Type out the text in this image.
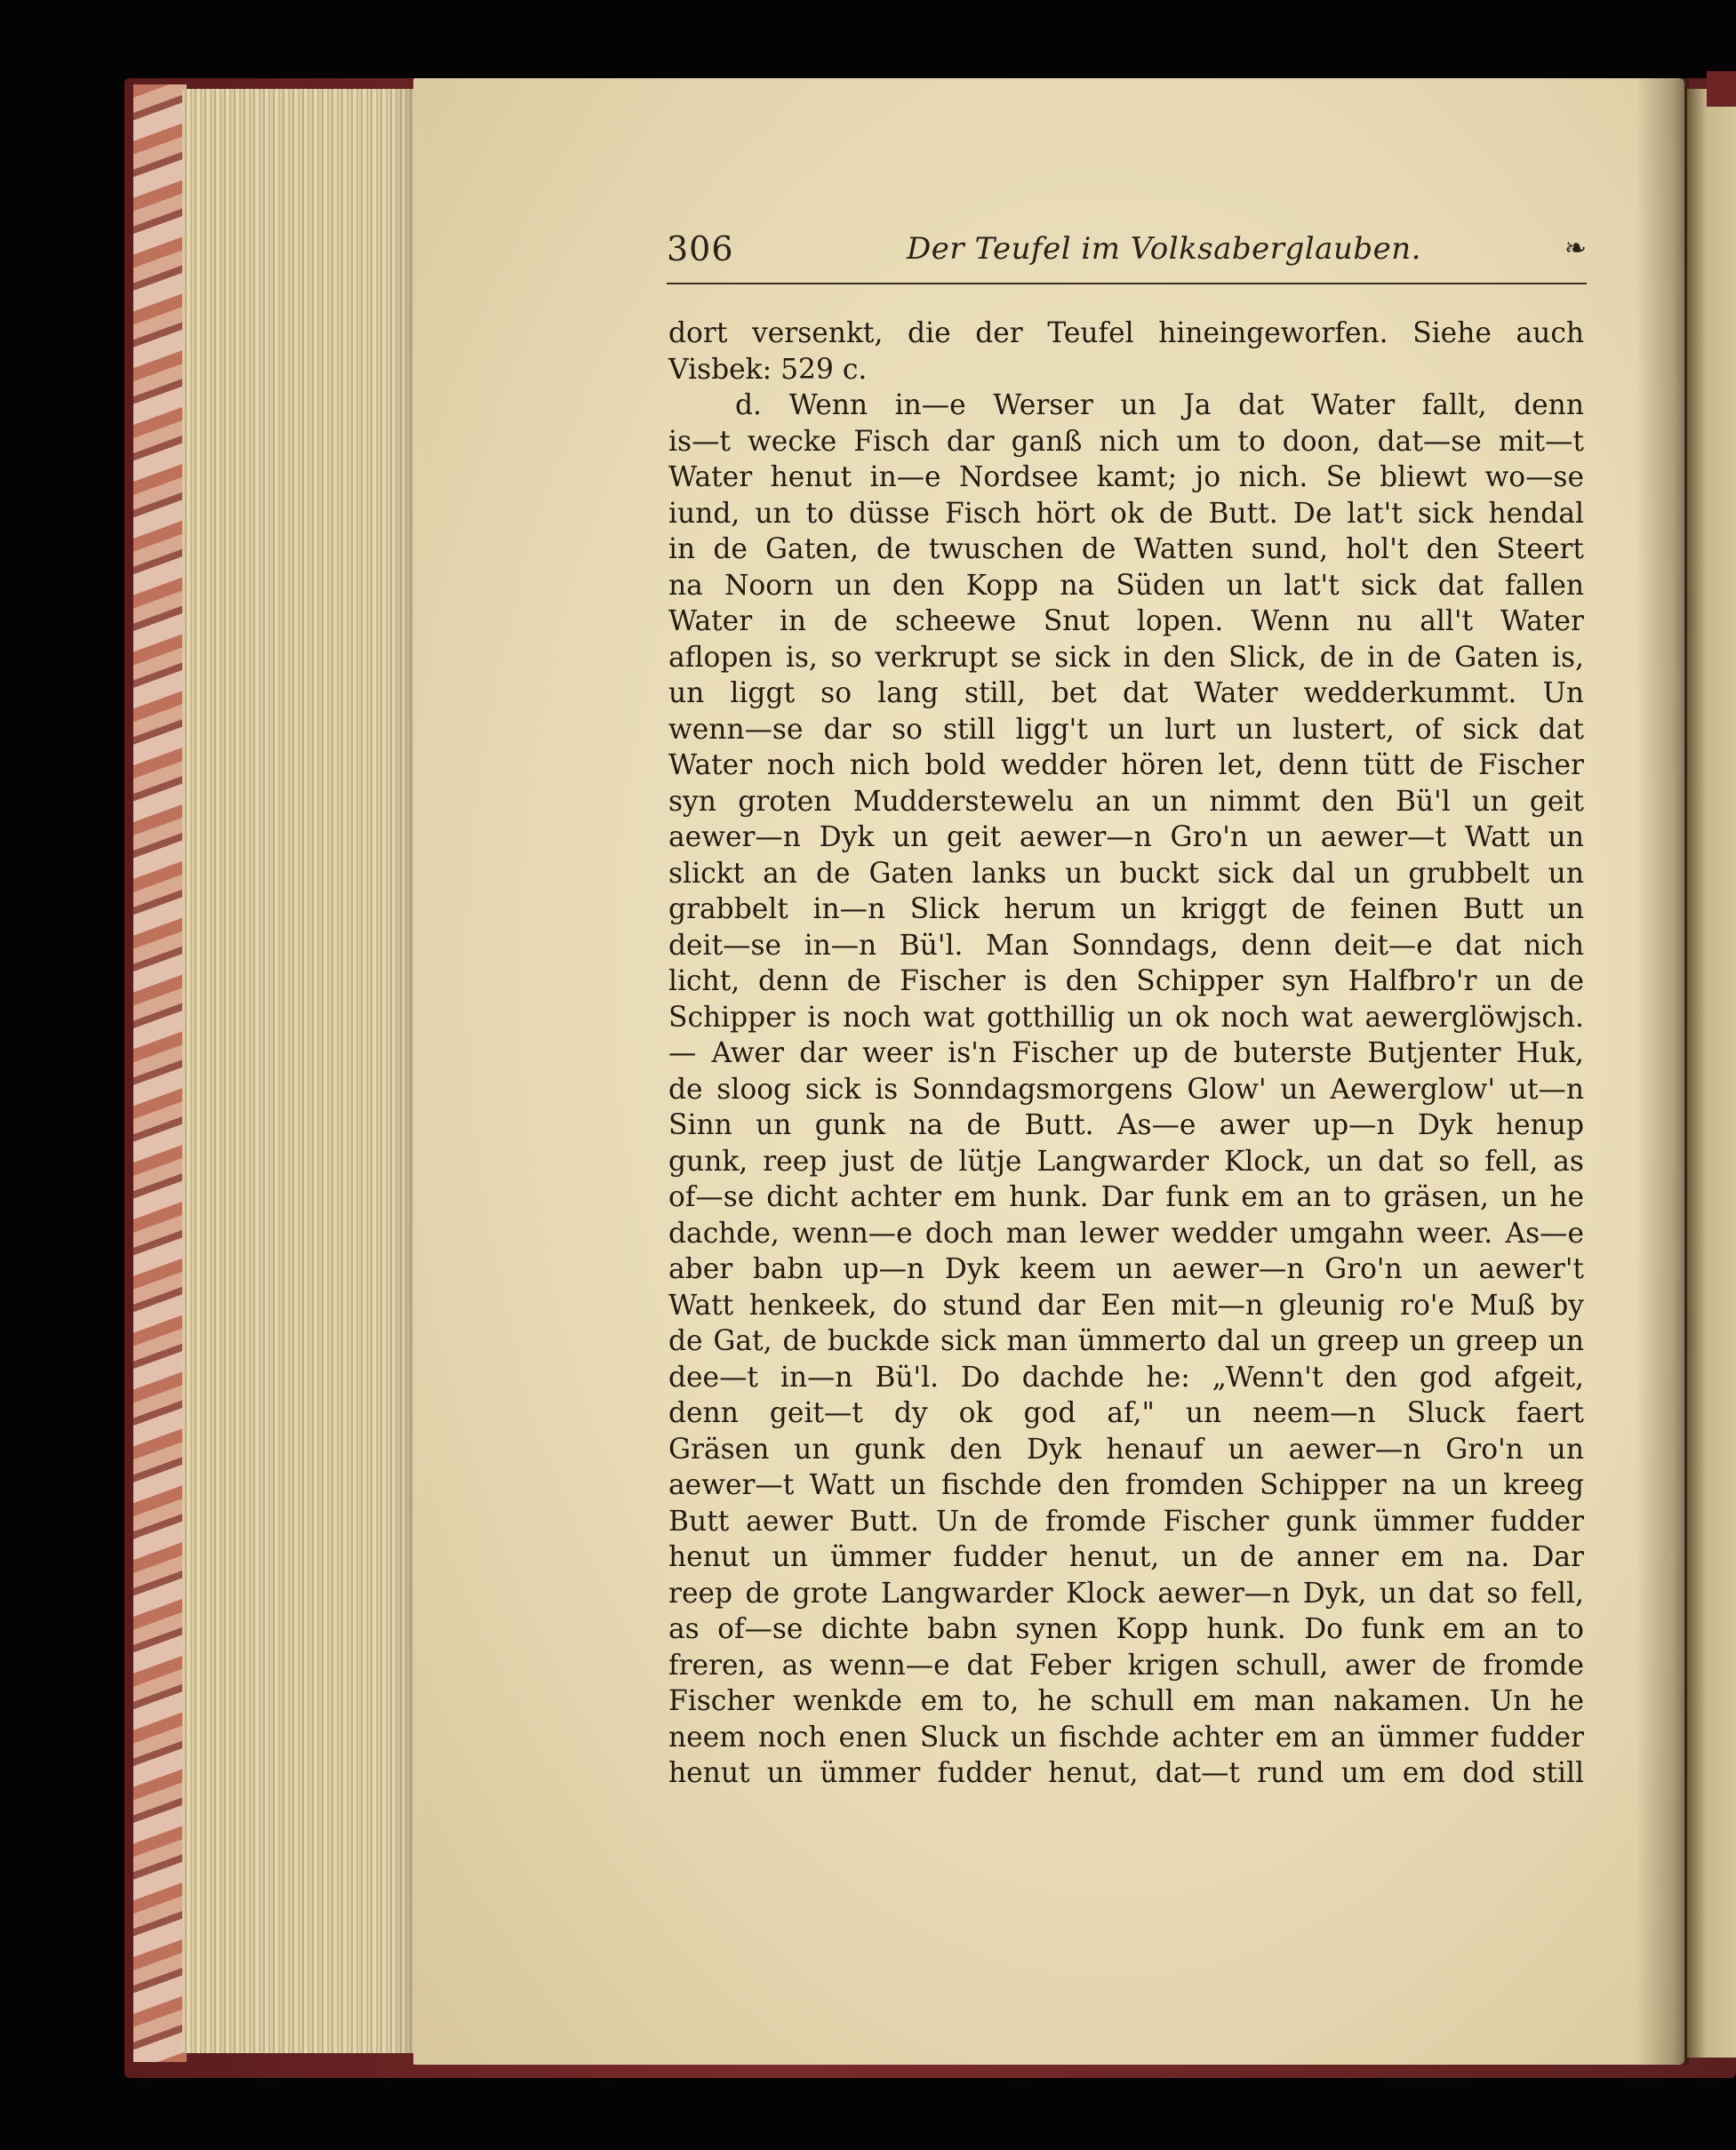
306	Der Teufel im Volksaberglauben.	❧
dort versenkt, die der Teufel hineingeworfen. Siehe auch
Visbek: 529 c.
d. Wenn in—e Werser un Ja dat Water fallt, denn
is—t wecke Fisch dar ganß nich um to doon, dat—se mit—t
Water henut in—e Nordsee kamt; jo nich. Se bliewt wo—se
iund, un to düsse Fisch hört ok de Butt. De lat't sick hendal
in de Gaten, de twuschen de Watten sund, hol't den Steert
na Noorn un den Kopp na Süden un lat't sick dat fallen
Water in de scheewe Snut lopen. Wenn nu all't Water
aflopen is, so verkrupt se sick in den Slick, de in de Gaten is,
un liggt so lang still, bet dat Water wedderkummt. Un
wenn—se dar so still ligg't un lurt un lustert, of sick dat
Water noch nich bold wedder hören let, denn tütt de Fischer
syn groten Mudderstewelu an un nimmt den Bü'l un geit
aewer—n Dyk un geit aewer—n Gro'n un aewer—t Watt un
slickt an de Gaten lanks un buckt sick dal un grubbelt un
grabbelt in—n Slick herum un kriggt de feinen Butt un
deit—se in—n Bü'l. Man Sonndags, denn deit—e dat nich
licht, denn de Fischer is den Schipper syn Halfbro'r un de
Schipper is noch wat gotthillig un ok noch wat aewerglöwjsch.
— Awer dar weer is'n Fischer up de buterste Butjenter Huk,
de sloog sick is Sonndagsmorgens Glow' un Aewerglow' ut—n
Sinn un gunk na de Butt. As—e awer up—n Dyk henup
gunk, reep just de lütje Langwarder Klock, un dat so fell, as
of—se dicht achter em hunk. Dar funk em an to gräsen, un he
dachde, wenn—e doch man lewer wedder umgahn weer. As—e
aber babn up—n Dyk keem un aewer—n Gro'n un aewer't
Watt henkeek, do stund dar Een mit—n gleunig ro'e Muß by
de Gat, de buckde sick man ümmerto dal un greep un greep un
dee—t in—n Bü'l. Do dachde he: „Wenn't den god afgeit,
denn geit—t dy ok god af," un neem—n Sluck faert
Gräsen un gunk den Dyk henauf un aewer—n Gro'n un
aewer—t Watt un fischde den fromden Schipper na un kreeg
Butt aewer Butt. Un de fromde Fischer gunk ümmer fudder
henut un ümmer fudder henut, un de anner em na. Dar
reep de grote Langwarder Klock aewer—n Dyk, un dat so fell,
as of—se dichte babn synen Kopp hunk. Do funk em an to
freren, as wenn—e dat Feber krigen schull, awer de fromde
Fischer wenkde em to, he schull em man nakamen. Un he
neem noch enen Sluck un fischde achter em an ümmer fudder
henut un ümmer fudder henut, dat—t rund um em dod still
